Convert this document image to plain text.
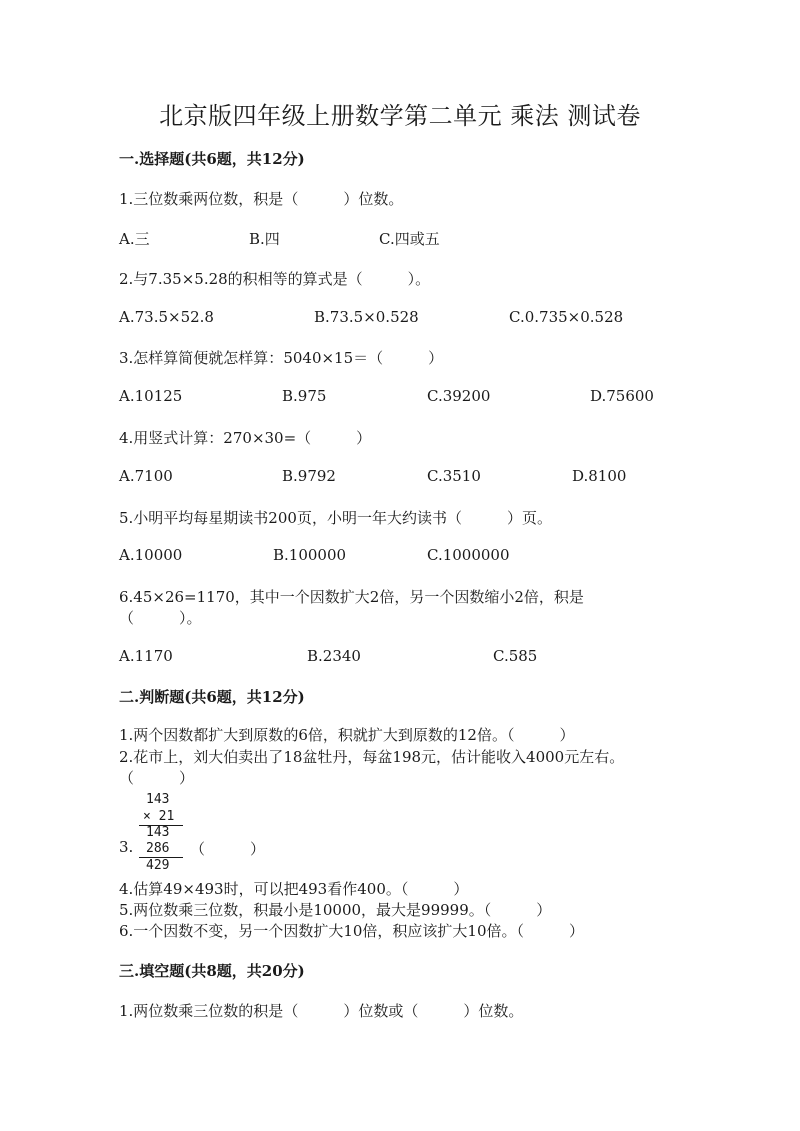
北京版四年级上册数学第二单元 乘法 测试卷
一.选择题(共6题，共12分)
1.三位数乘两位数，积是（　　　）位数。
A.三	B.四	C.四或五
2.与7.35×5.28的积相等的算式是（　　　）。
A.73.5×52.8	B.73.5×0.528	C.0.735×0.528
3.怎样算简便就怎样算：5040×15＝（　　　）
A.10125	B.975	C.39200	D.75600
4.用竖式计算：270×30=（　　　）
A.7100	B.9792	C.3510	D.8100
5.小明平均每星期读书200页，小明一年大约读书（　　　）页。
A.10000	B.100000	C.1000000
6.45×26=1170，其中一个因数扩大2倍，另一个因数缩小2倍，积是
（　　　）。
A.1170	B.2340	C.585
二.判断题(共6题，共12分)
1.两个因数都扩大到原数的6倍，积就扩大到原数的12倍。（　　　）
2.花市上，刘大伯卖出了18盆牡丹，每盆198元，估计能收入4000元左右。
（　　　）
143
× 21
143
3. 286
429
（　　　）
4.估算49×493时，可以把493看作400。（　　　）
5.两位数乘三位数，积最小是10000，最大是99999。（　　　）
6.一个因数不变，另一个因数扩大10倍，积应该扩大10倍。（　　　）
三.填空题(共8题，共20分)
1.两位数乘三位数的积是（　　　）位数或（　　　）位数。
